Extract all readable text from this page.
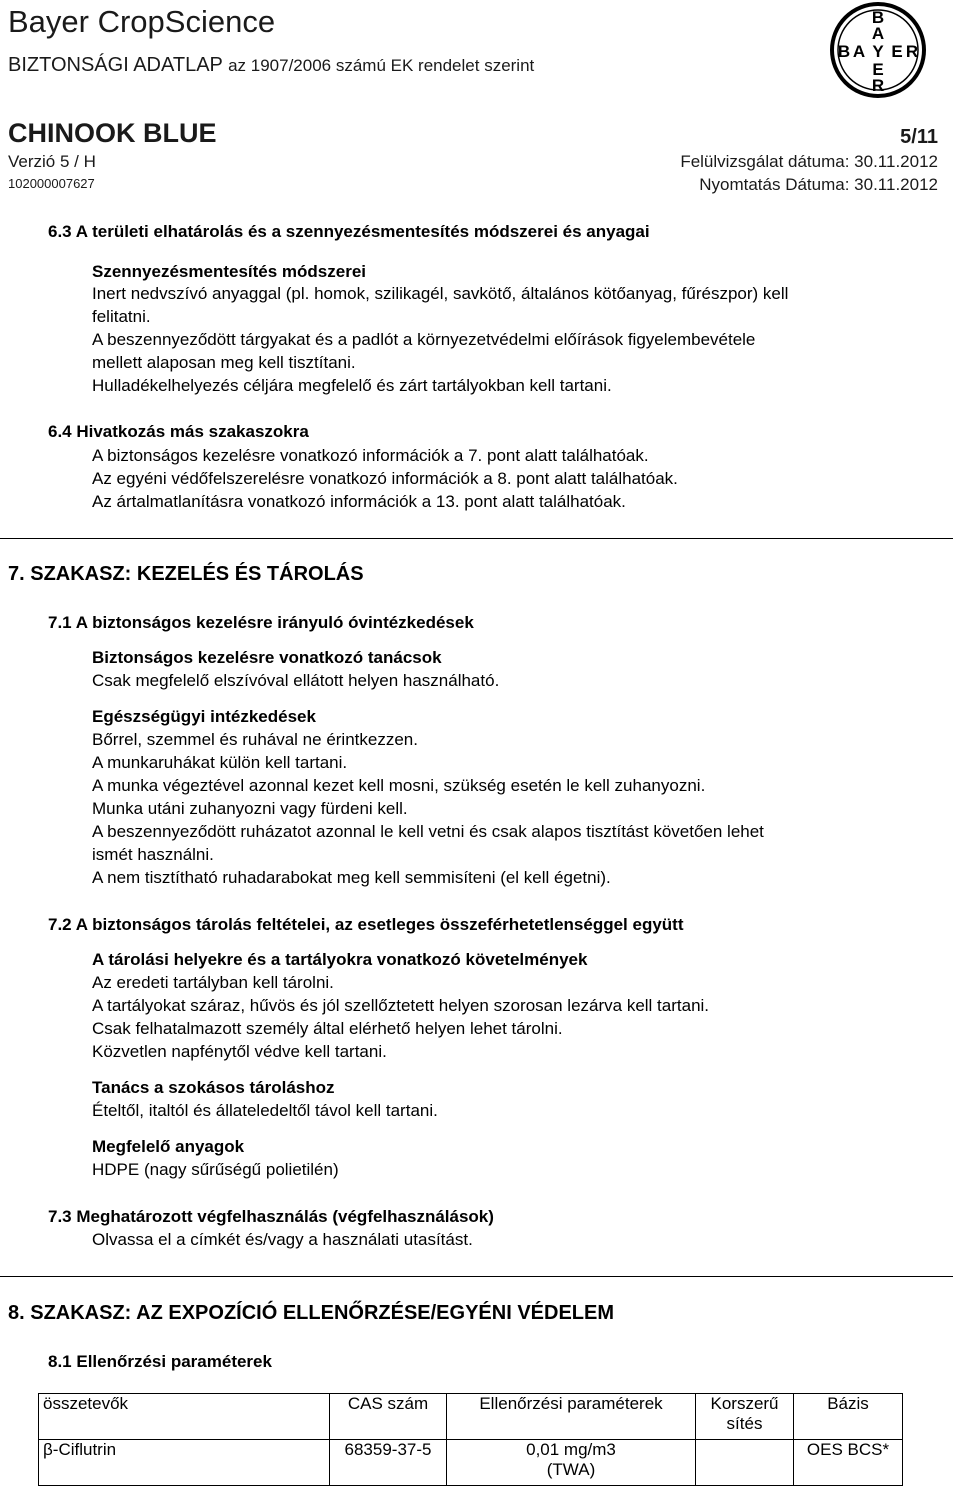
Bayer CropScience
BIZTONSÁGI ADATLAP az 1907/2006 számú EK rendelet szerint
B
A
B A Y E R
E
R
CHINOOK BLUE	5/11
Verzió 5 / H	Felülvizsgálat dátuma: 30.11.2012
102000007627	Nyomtatás Dátuma: 30.11.2012
6.3 A területi elhatárolás és a szennyezésmentesítés módszerei és anyagai
Szennyezésmentesítés módszerei
Inert nedvszívó anyaggal (pl. homok, szilikagél, savkötő, általános kötőanyag, fűrészpor) kell
felitatni.
A beszennyeződött tárgyakat és a padlót a környezetvédelmi előírások figyelembevétele
mellett alaposan meg kell tisztítani.
Hulladékelhelyezés céljára megfelelő és zárt tartályokban kell tartani.
6.4 Hivatkozás más szakaszokra
A biztonságos kezelésre vonatkozó információk a 7. pont alatt találhatóak.
Az egyéni védőfelszerelésre vonatkozó információk a 8. pont alatt találhatóak.
Az ártalmatlanításra vonatkozó információk a 13. pont alatt találhatóak.
7. SZAKASZ: KEZELÉS ÉS TÁROLÁS
7.1 A biztonságos kezelésre irányuló óvintézkedések
Biztonságos kezelésre vonatkozó tanácsok
Csak megfelelő elszívóval ellátott helyen használható.
Egészségügyi intézkedések
Bőrrel, szemmel és ruhával ne érintkezzen.
A munkaruhákat külön kell tartani.
A munka végeztével azonnal kezet kell mosni, szükség esetén le kell zuhanyozni.
Munka utáni zuhanyozni vagy fürdeni kell.
A beszennyeződött ruházatot azonnal le kell vetni és csak alapos tisztítást követően lehet
ismét használni.
A nem tisztítható ruhadarabokat meg kell semmisíteni (el kell égetni).
7.2 A biztonságos tárolás feltételei, az esetleges összeférhetetlenséggel együtt
A tárolási helyekre és a tartályokra vonatkozó követelmények
Az eredeti tartályban kell tárolni.
A tartályokat száraz, hűvös és jól szellőztetett helyen szorosan lezárva kell tartani.
Csak felhatalmazott személy által elérhető helyen lehet tárolni.
Közvetlen napfénytől védve kell tartani.
Tanács a szokásos tároláshoz
Ételtől, italtól és állateledeltől távol kell tartani.
Megfelelő anyagok
HDPE (nagy sűrűségű polietilén)
7.3 Meghatározott végfelhasználás (végfelhasználások)
Olvassa el a címkét és/vagy a használati utasítást.
8. SZAKASZ: AZ EXPOZÍCIÓ ELLENŐRZÉSE/EGYÉNI VÉDELEM
8.1 Ellenőrzési paraméterek
összetevők	CAS szám	Ellenőrzési paraméterek	Korszerű sítés	Bázis
β-Ciflutrin	68359-37-5	0,01 mg/m3 (TWA)		OES BCS*
